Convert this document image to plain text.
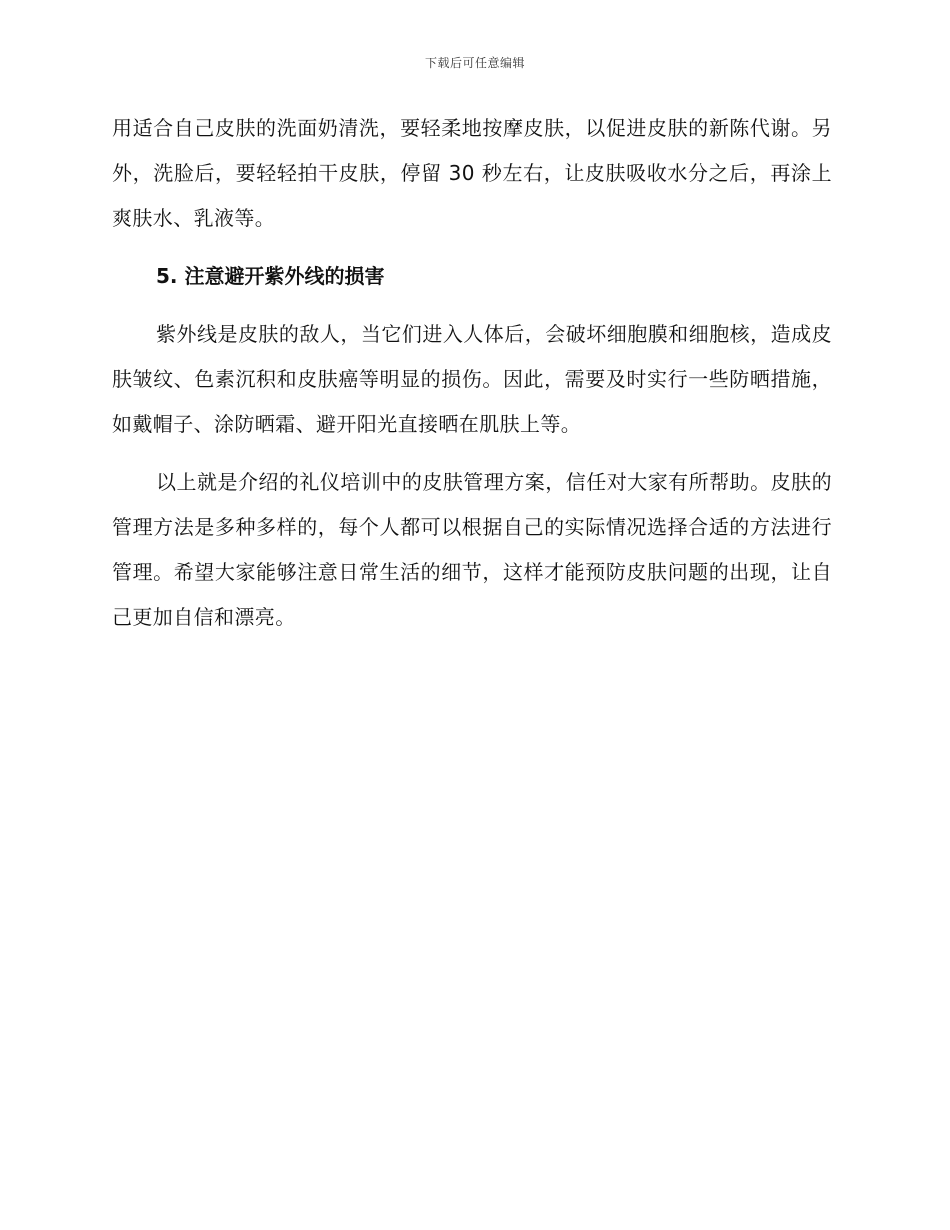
下载后可任意编辑

用适合自己皮肤的洗面奶清洗，要轻柔地按摩皮肤，以促进皮肤的新陈代谢。另外，洗脸后，要轻轻拍干皮肤，停留 30 秒左右，让皮肤吸收水分之后，再涂上爽肤水、乳液等。

5. 注意避开紫外线的损害

紫外线是皮肤的敌人，当它们进入人体后，会破坏细胞膜和细胞核，造成皮肤皱纹、色素沉积和皮肤癌等明显的损伤。因此，需要及时实行一些防晒措施，如戴帽子、涂防晒霜、避开阳光直接晒在肌肤上等。

以上就是介绍的礼仪培训中的皮肤管理方案，信任对大家有所帮助。皮肤的管理方法是多种多样的，每个人都可以根据自己的实际情况选择合适的方法进行管理。希望大家能够注意日常生活的细节，这样才能预防皮肤问题的出现，让自己更加自信和漂亮。
